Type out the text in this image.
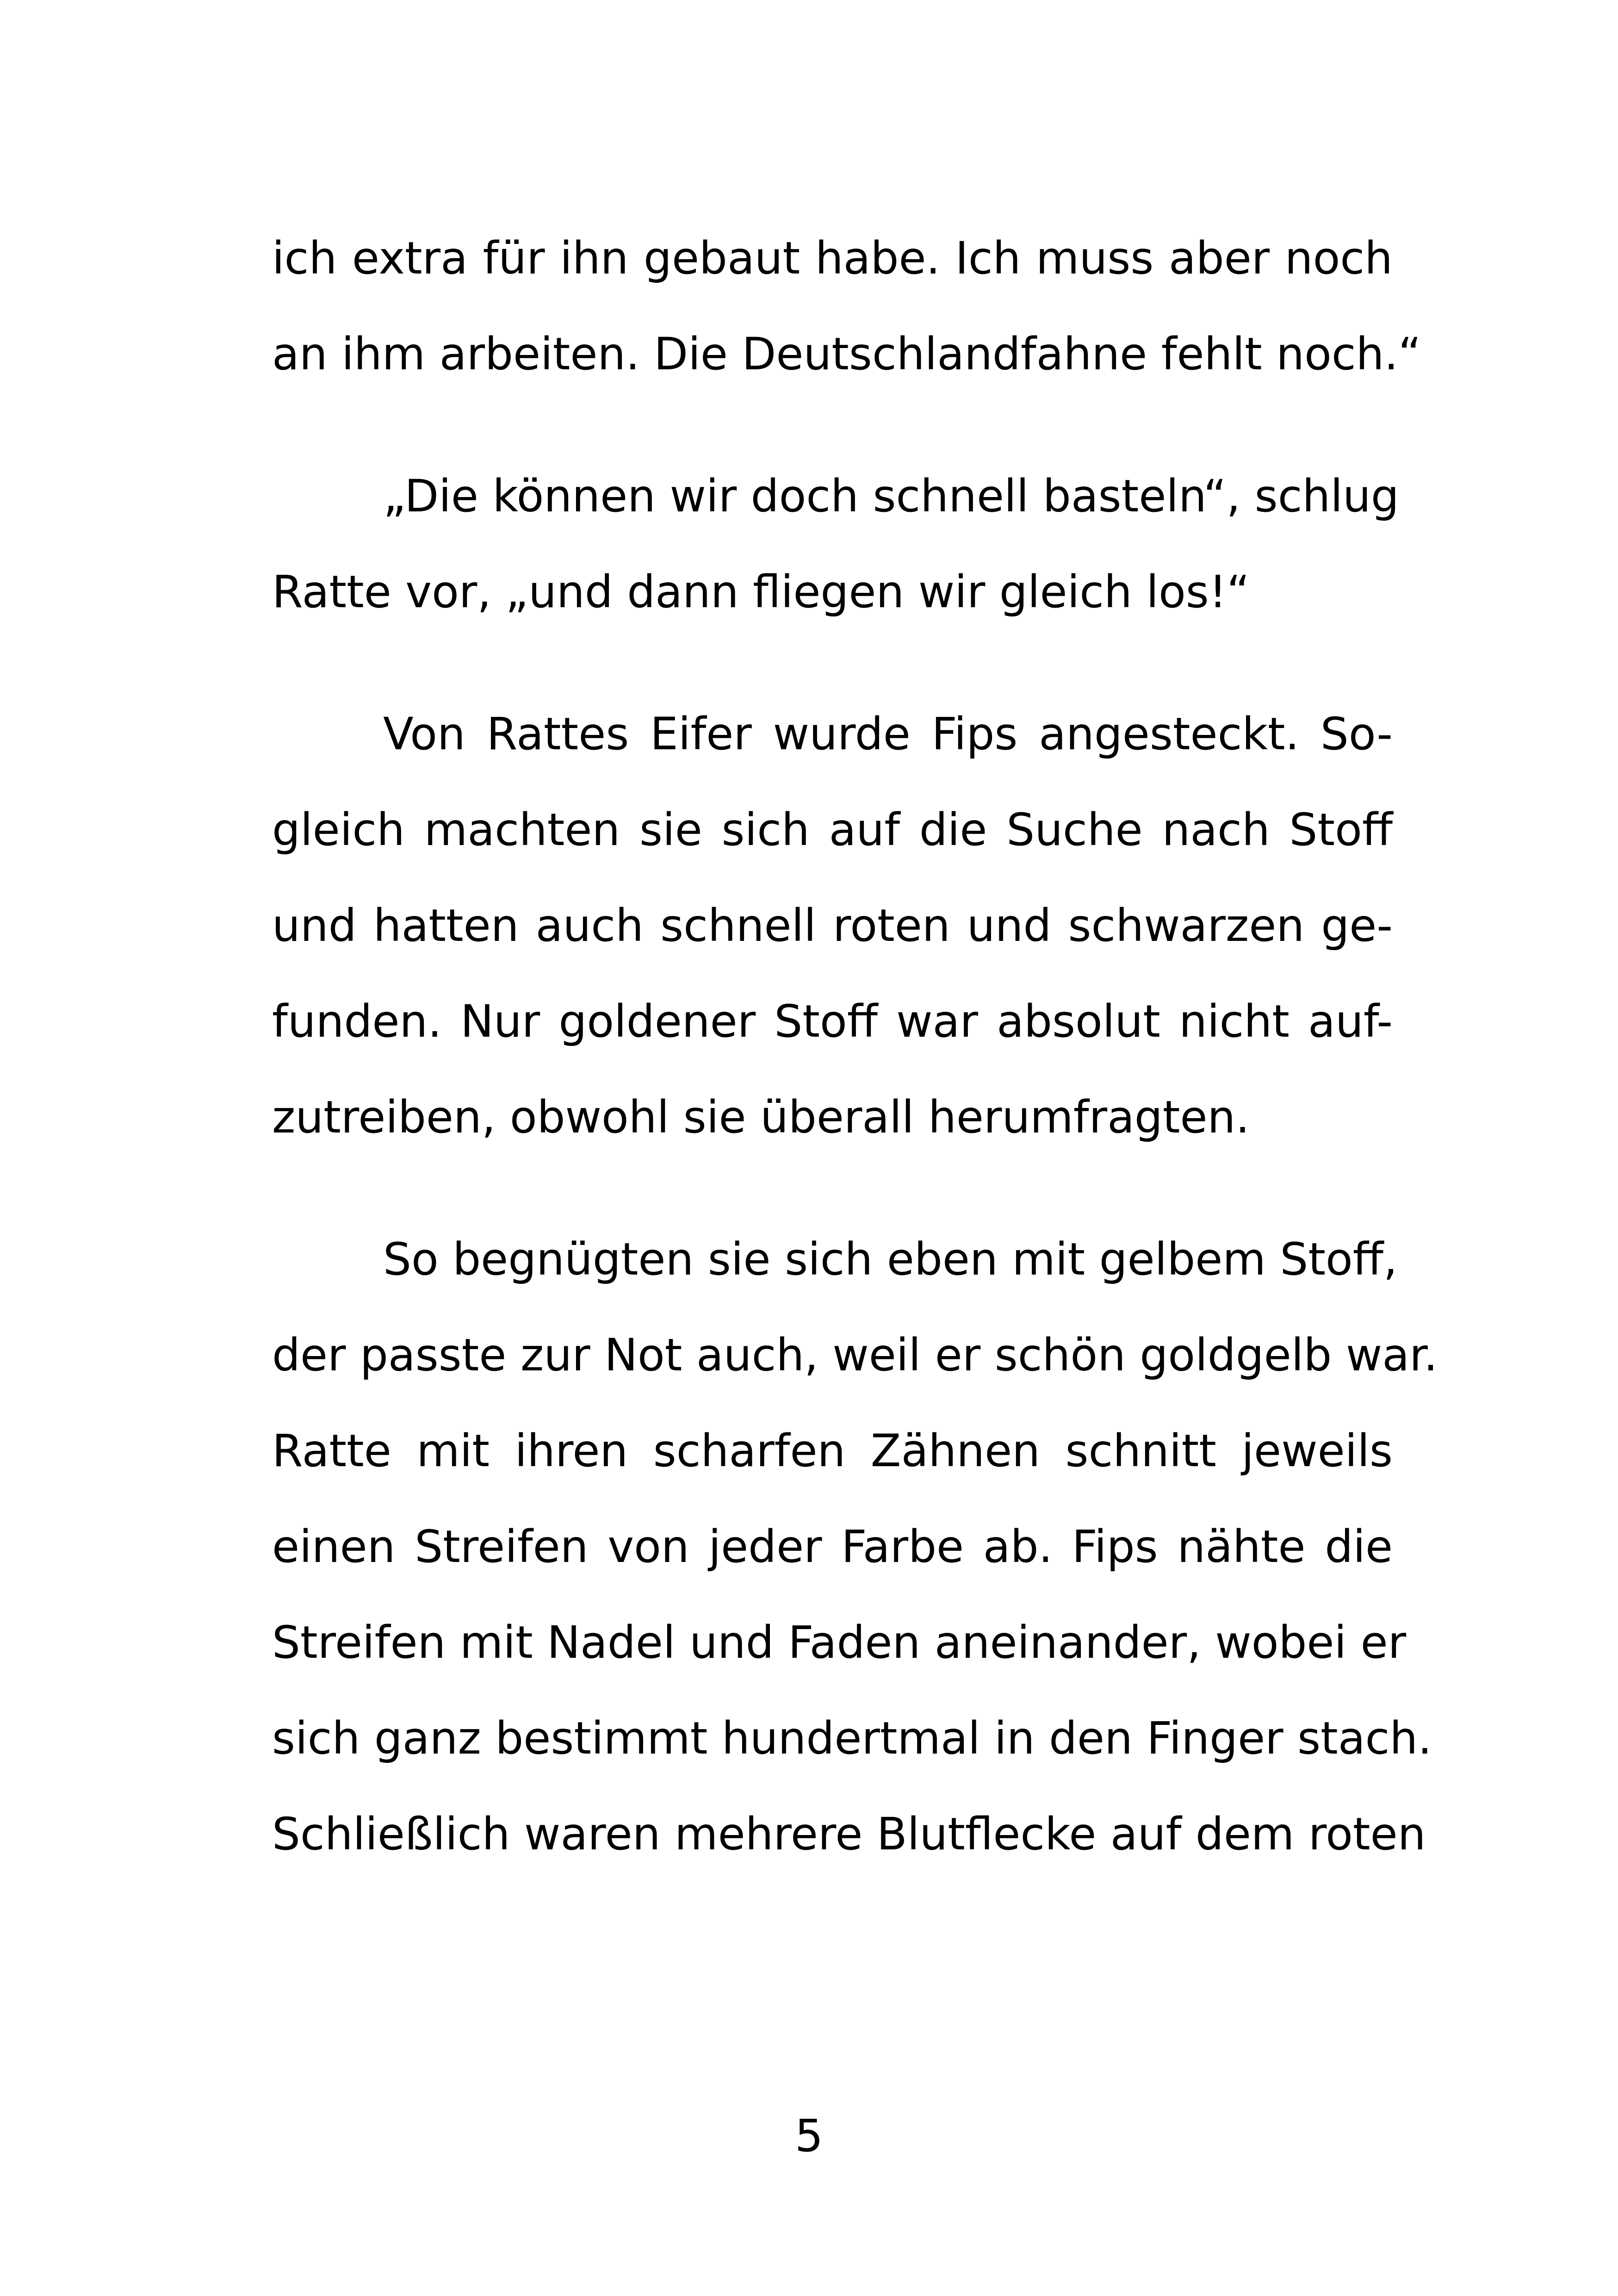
ich extra für ihn gebaut habe. Ich muss aber noch
an ihm arbeiten. Die Deutschlandfahne fehlt noch.“
„Die können wir doch schnell basteln“, schlug
Ratte vor, „und dann fliegen wir gleich los!“
Von Rattes Eifer wurde Fips angesteckt. So-
gleich machten sie sich auf die Suche nach Stoff
und hatten auch schnell roten und schwarzen ge-
funden. Nur goldener Stoff war absolut nicht auf-
zutreiben, obwohl sie überall herumfragten.
So begnügten sie sich eben mit gelbem Stoff,
der passte zur Not auch, weil er schön goldgelb war.
Ratte mit ihren scharfen Zähnen schnitt jeweils
einen Streifen von jeder Farbe ab. Fips nähte die
Streifen mit Nadel und Faden aneinander, wobei er
sich ganz bestimmt hundertmal in den Finger stach.
Schließlich waren mehrere Blutflecke auf dem roten
5
